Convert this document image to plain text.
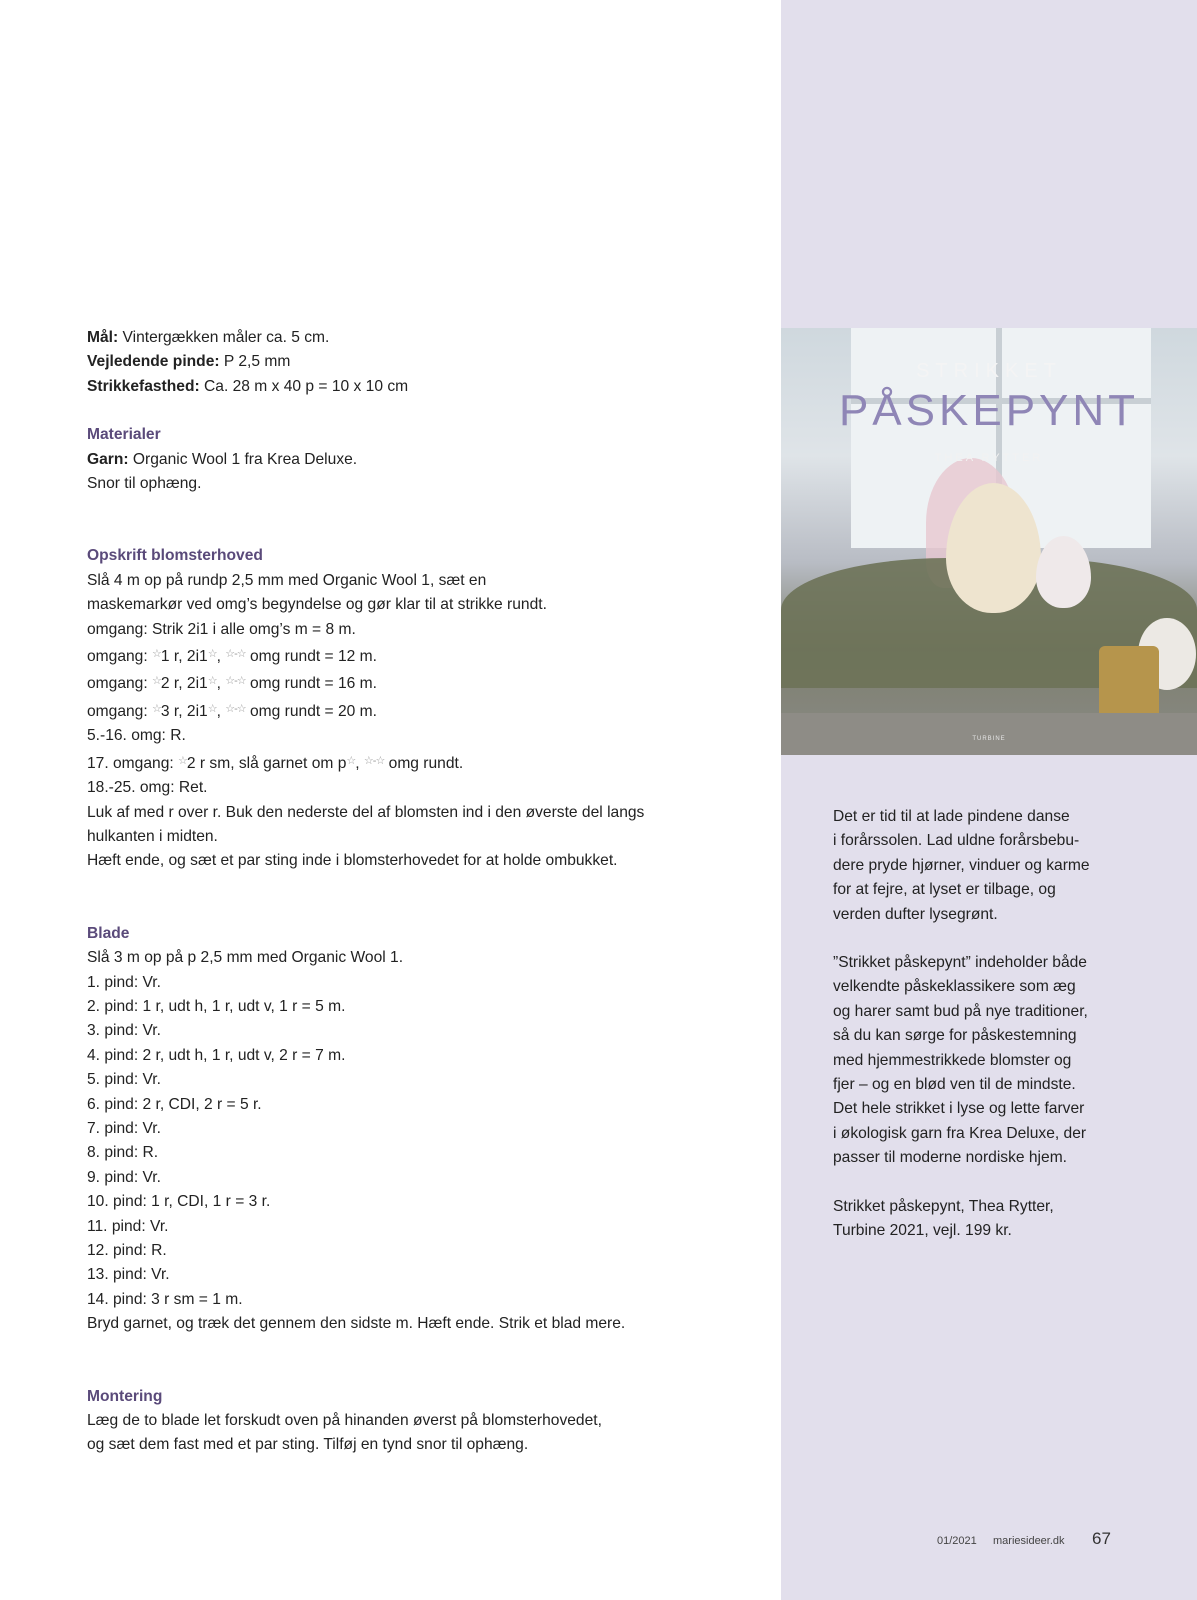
Mål: Vintergækken måler ca. 5 cm.

Vejledende pinde: P 2,5 mm

Strikkefasthed: Ca. 28 m x 40 p = 10 x 10 cm

Materialer

Garn: Organic Wool 1 fra Krea Deluxe.

Snor til ophæng.

Opskrift blomsterhoved

Slå 4 m op på rundp 2,5 mm med Organic Wool 1, sæt en

maskemarkør ved omg’s begyndelse og gør klar til at strikke rundt.

omgang: Strik 2i1 i alle omg’s m = 8 m.

omgang: ☆1 r, 2i1☆, ☆-☆ omg rundt = 12 m.

omgang: ☆2 r, 2i1☆, ☆-☆ omg rundt = 16 m.

omgang: ☆3 r, 2i1☆, ☆-☆ omg rundt = 20 m.

5.-16. omg: R.

17. omgang: ☆2 r sm, slå garnet om p☆, ☆-☆ omg rundt.

18.-25. omg: Ret.

Luk af med r over r. Buk den nederste del af blomsten ind i den øverste del langs

hulkanten i midten.

Hæft ende, og sæt et par sting inde i blomsterhovedet for at holde ombukket.

Blade

Slå 3 m op på p 2,5 mm med Organic Wool 1.

1. pind: Vr.

2. pind: 1 r, udt h, 1 r, udt v, 1 r = 5 m.

3. pind: Vr.

4. pind: 2 r, udt h, 1 r, udt v, 2 r = 7 m.

5. pind: Vr.

6. pind: 2 r, CDI, 2 r = 5 r.

7. pind: Vr.

8. pind: R.

9. pind: Vr.

10. pind: 1 r, CDI, 1 r = 3 r.

11. pind: Vr.

12. pind: R.

13. pind: Vr.

14. pind: 3 r sm = 1 m.

Bryd garnet, og træk det gennem den sidste m. Hæft ende. Strik et blad mere.

Montering

Læg de to blade let forskudt oven på hinanden øverst på blomsterhovedet,

og sæt dem fast med et par sting. Tilføj en tynd snor til ophæng.

STRIKKET
PÅSKEPYNT
THEA RYTTER
TURBINE

Det er tid til at lade pindene danse

i forårssolen. Lad uldne forårsbebu-

dere pryde hjørner, vinduer og karme

for at fejre, at lyset er tilbage, og

verden dufter lysegrønt.

”Strikket påskepynt” indeholder både

velkendte påskeklassikere som æg

og harer samt bud på nye traditioner,

så du kan sørge for påskestemning

med hjemmestrikkede blomster og

fjer – og en blød ven til de mindste.

Det hele strikket i lyse og lette farver

i økologisk garn fra Krea Deluxe, der

passer til moderne nordiske hjem.

Strikket påskepynt, Thea Rytter,

Turbine 2021, vejl. 199 kr.

01/2021 mariesideer.dk 67
